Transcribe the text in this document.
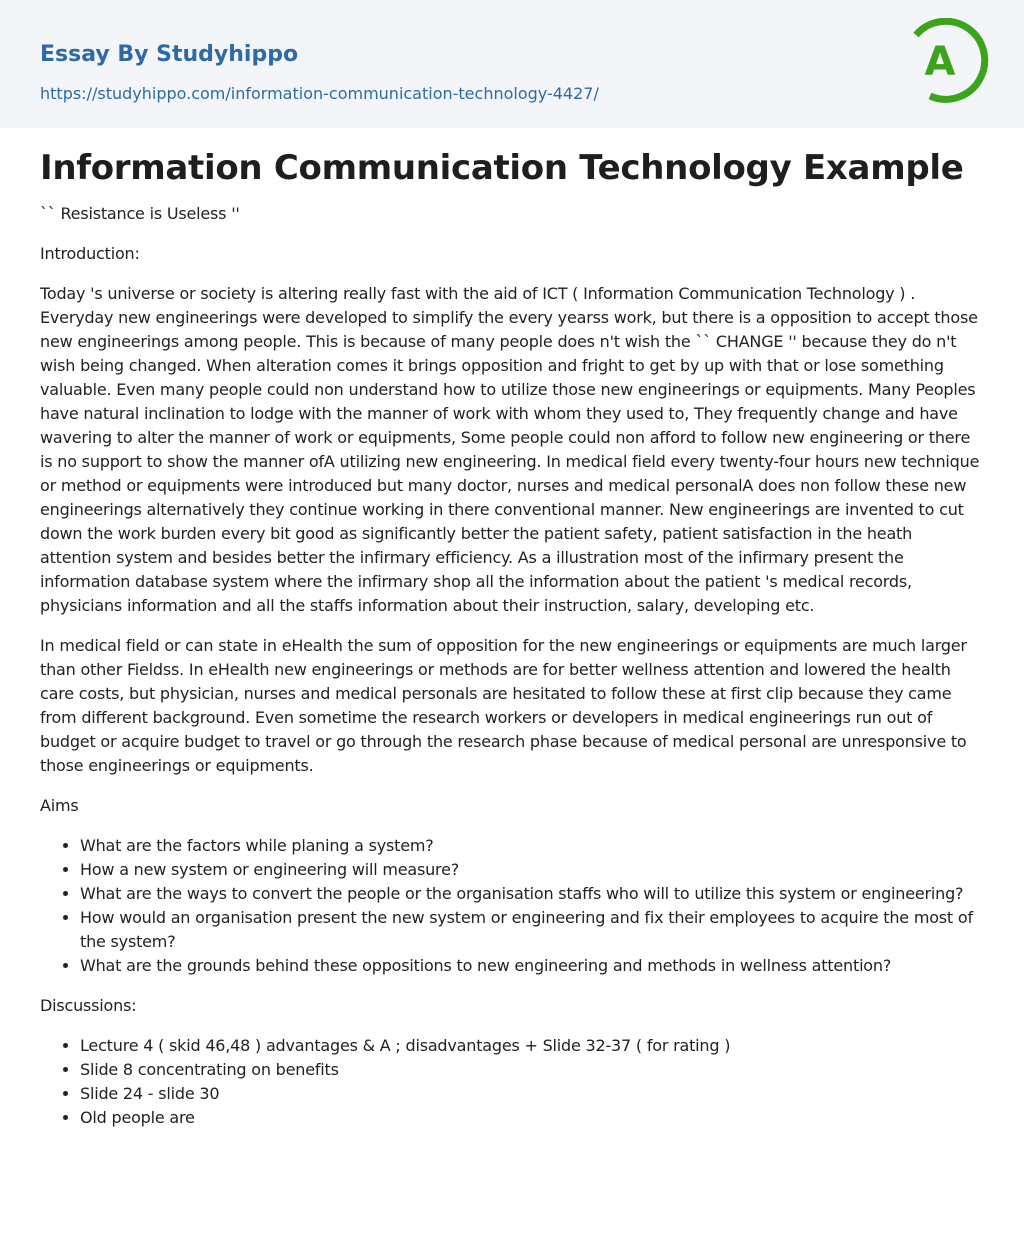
Essay By Studyhippo
https://studyhippo.com/information-communication-technology-4427/
A
Information Communication Technology Example

`` Resistance is Useless ''

Introduction:

Today 's universe or society is altering really fast with the aid of ICT ( Information Communication Technology ) . Everyday new engineerings were developed to simplify the every yearss work, but there is a opposition to accept those new engineerings among people. This is because of many people does n't wish the `` CHANGE '' because they do n't wish being changed. When alteration comes it brings opposition and fright to get by up with that or lose something valuable. Even many people could non understand how to utilize those new engineerings or equipments. Many Peoples have natural inclination to lodge with the manner of work with whom they used to, They frequently change and have wavering to alter the manner of work or equipments, Some people could non afford to follow new engineering or there is no support to show the manner ofA utilizing new engineering. In medical field every twenty-four hours new technique or method or equipments were introduced but many doctor, nurses and medical personalA does non follow these new engineerings alternatively they continue working in there conventional manner. New engineerings are invented to cut down the work burden every bit good as significantly better the patient safety, patient satisfaction in the heath attention system and besides better the infirmary efficiency. As a illustration most of the infirmary present the information database system where the infirmary shop all the information about the patient 's medical records, physicians information and all the staffs information about their instruction, salary, developing etc.

In medical field or can state in eHealth the sum of opposition for the new engineerings or equipments are much larger than other Fieldss. In eHealth new engineerings or methods are for better wellness attention and lowered the health care costs, but physician, nurses and medical personals are hesitated to follow these at first clip because they came from different background. Even sometime the research workers or developers in medical engineerings run out of budget or acquire budget to travel or go through the research phase because of medical personal are unresponsive to those engineerings or equipments.

Aims

• What are the factors while planing a system?
• How a new system or engineering will measure?
• What are the ways to convert the people or the organisation staffs who will to utilize this system or engineering?
• How would an organisation present the new system or engineering and fix their employees to acquire the most of the system?
• What are the grounds behind these oppositions to new engineering and methods in wellness attention?

Discussions:

• Lecture 4 ( skid 46,48 ) advantages & A ; disadvantages + Slide 32-37 ( for rating )
• Slide 8 concentrating on benefits
• Slide 24 - slide 30
• Old people are
